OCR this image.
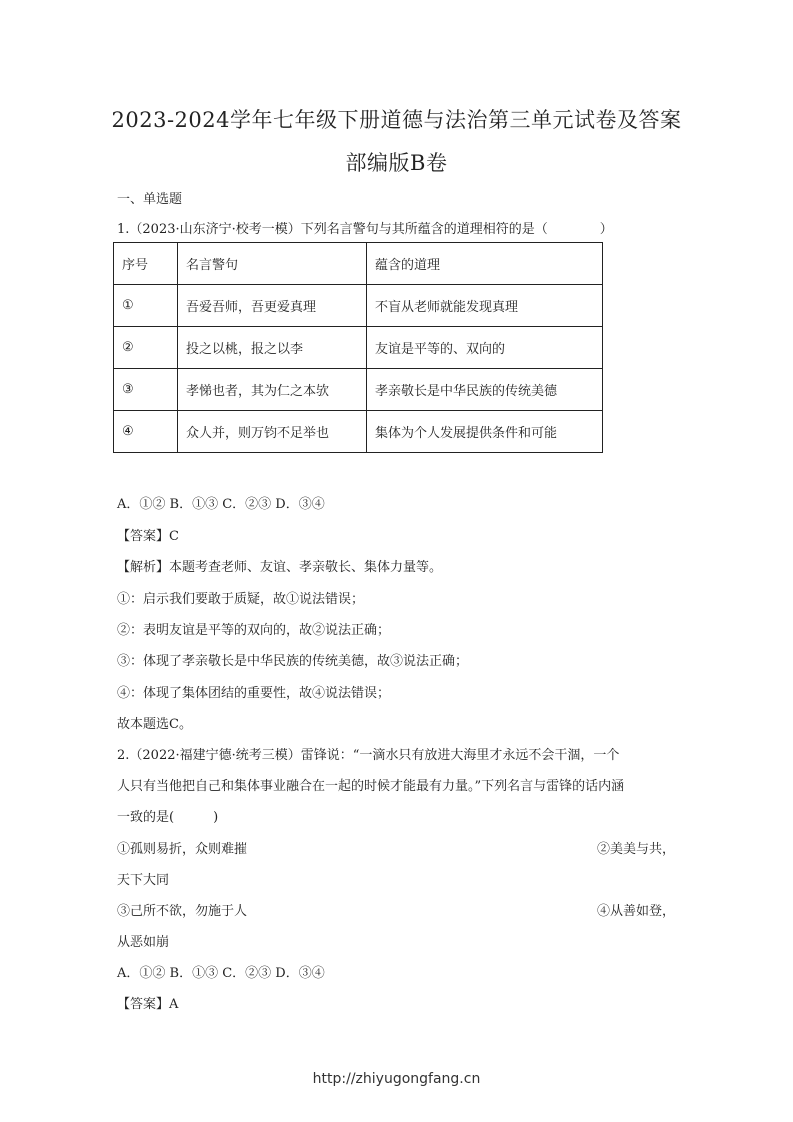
2023-2024学年七年级下册道德与法治第三单元试卷及答案
部编版B卷
一、单选题
1.（2023·山东济宁·校考一模）下列名言警句与其所蕴含的道理相符的是（　　　　）
序号	名言警句	蕴含的道理
①	吾爱吾师，吾更爱真理	不盲从老师就能发现真理
②	投之以桃，报之以李	友谊是平等的、双向的
③	孝悌也者，其为仁之本欤	孝亲敬长是中华民族的传统美德
④	众人并，则万钧不足举也	集体为个人发展提供条件和可能
A．①② B．①③ C．②③ D．③④
【答案】C
【解析】本题考查老师、友谊、孝亲敬长、集体力量等。
①：启示我们要敢于质疑，故①说法错误；
②：表明友谊是平等的双向的，故②说法正确；
③：体现了孝亲敬长是中华民族的传统美德，故③说法正确；
④：体现了集体团结的重要性，故④说法错误；
故本题选C。
2.（2022·福建宁德·统考三模）雷锋说：“一滴水只有放进大海里才永远不会干涸，一个
人只有当他把自己和集体事业融合在一起的时候才能最有力量。”下列名言与雷锋的话内涵
一致的是(　　　)
①孤则易折，众则难摧	②美美与共，
天下大同
③己所不欲，勿施于人	④从善如登，
从恶如崩
A．①② B．①③ C．②③ D．③④
【答案】A
http://zhiyugongfang.cn
